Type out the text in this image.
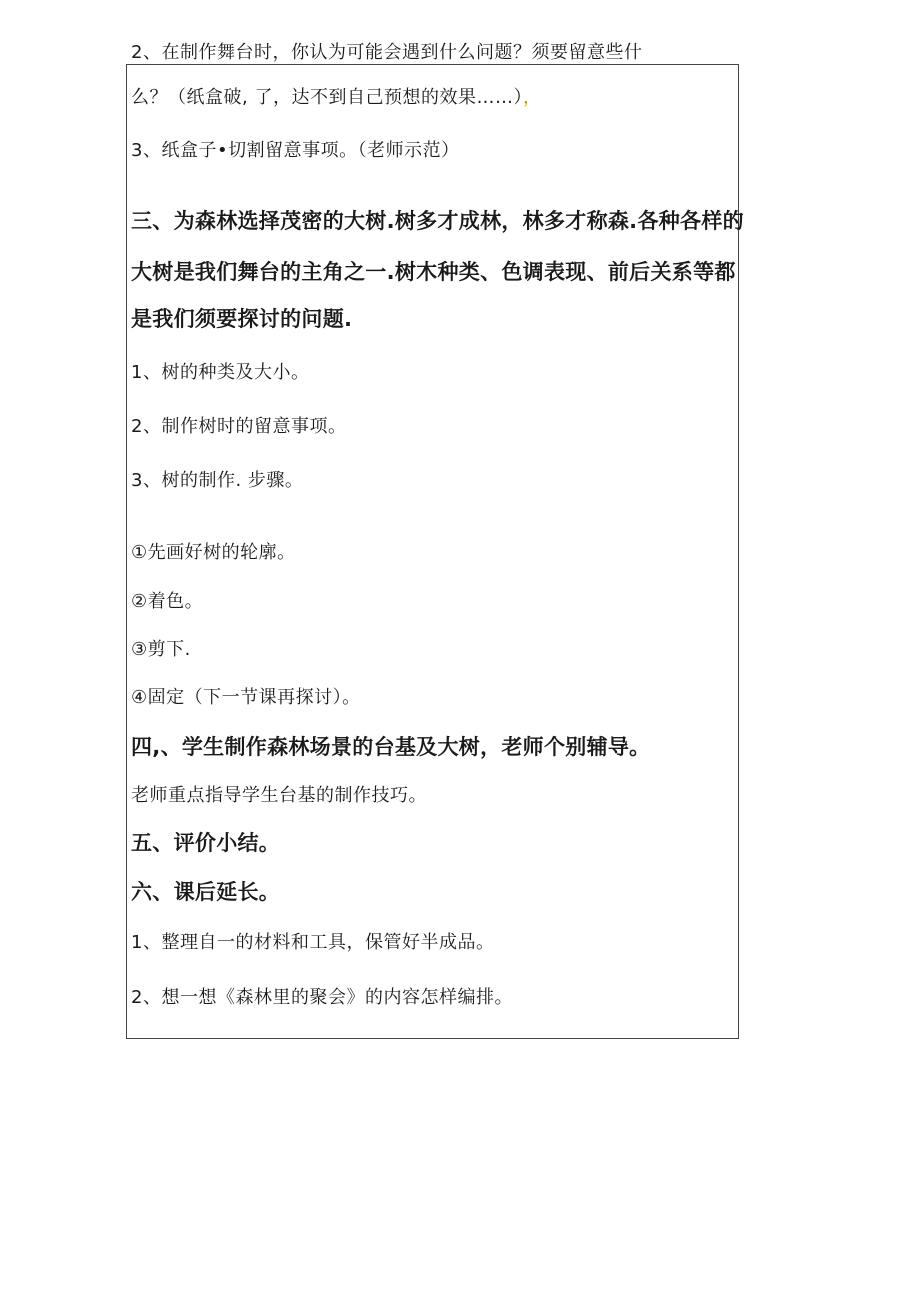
2、在制作舞台时，你认为可能会遇到什么问题？须要留意些什
么？（纸盒破, 了，达不到自己预想的效果……），
3、纸盒子•切割留意事项。（老师示范）
三、为森林选择茂密的大树.树多才成林，林多才称森.各种各样的
大树是我们舞台的主角之一.树木种类、色调表现、前后关系等都
是我们须要探讨的问题.
1、树的种类及大小。
2、制作树时的留意事项。
3、树的制作. 步骤。
①先画好树的轮廓。
②着色。
③剪下.
④固定（下一节课再探讨）。
四,、学生制作森林场景的台基及大树，老师个别辅导。
老师重点指导学生台基的制作技巧。
五、评价小结。
六、课后延长。
1、整理自一的材料和工具，保管好半成品。
2、想一想《森林里的聚会》的内容怎样编排。
